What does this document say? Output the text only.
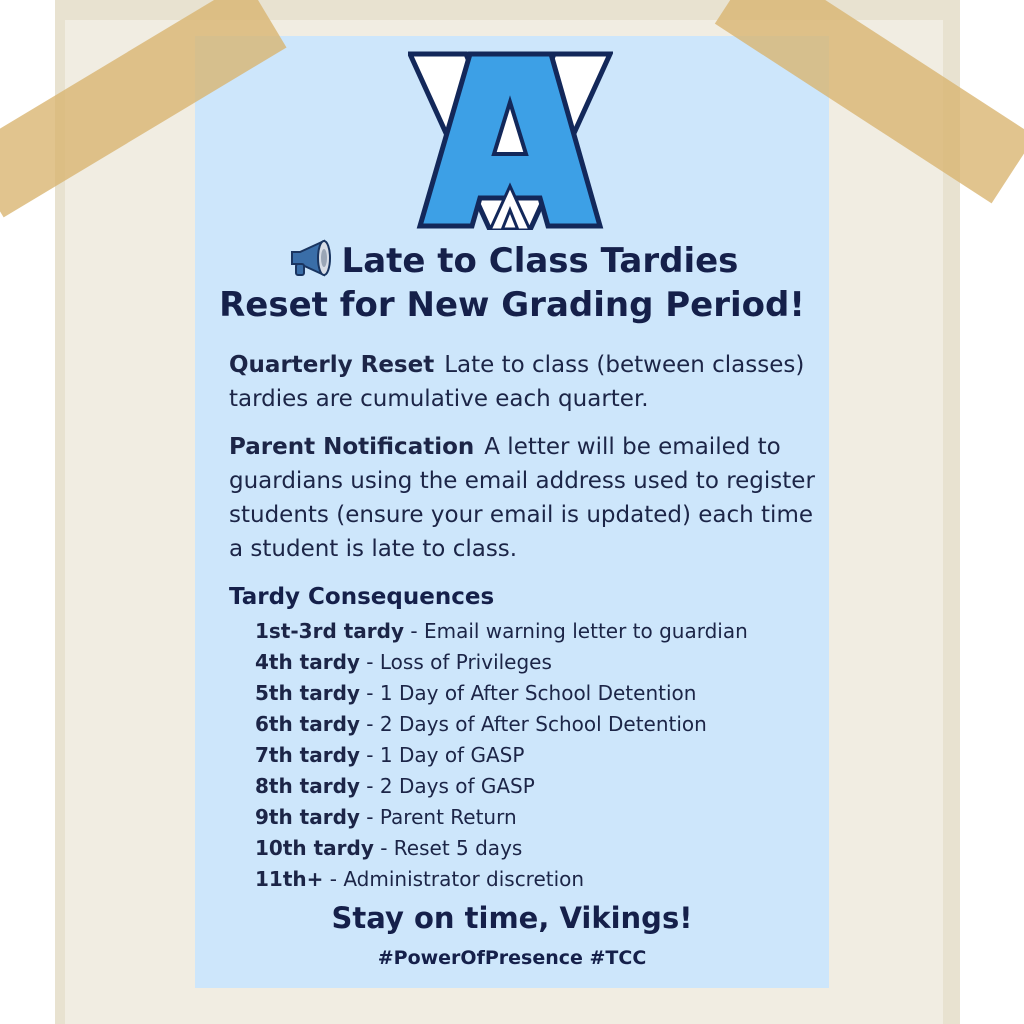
Late to Class Tardies
Reset for New Grading Period!
Quarterly Reset Late to class (between classes) tardies are cumulative each quarter.
Parent Notification A letter will be emailed to guardians using the email address used to register students (ensure your email is updated) each time a student is late to class.
Tardy Consequences
1st-3rd tardy - Email warning letter to guardian
4th tardy - Loss of Privileges
5th tardy - 1 Day of After School Detention
6th tardy - 2 Days of After School Detention
7th tardy - 1 Day of GASP
8th tardy - 2 Days of GASP
9th tardy - Parent Return
10th tardy - Reset 5 days
11th+ - Administrator discretion
Stay on time, Vikings!
#PowerOfPresence #TCC
